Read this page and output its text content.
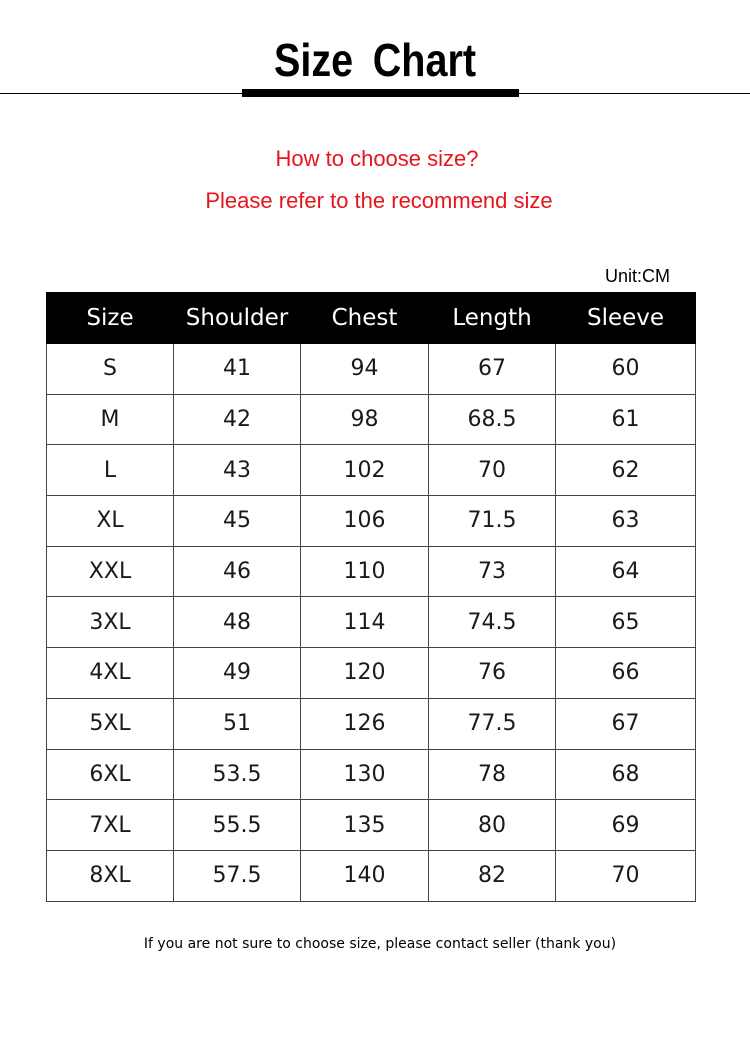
Size Chart
How to choose size?
Please refer to the recommend size
Unit:CM
Size	Shoulder	Chest	Length	Sleeve
S	41	94	67	60
M	42	98	68.5	61
L	43	102	70	62
XL	45	106	71.5	63
XXL	46	110	73	64
3XL	48	114	74.5	65
4XL	49	120	76	66
5XL	51	126	77.5	67
6XL	53.5	130	78	68
7XL	55.5	135	80	69
8XL	57.5	140	82	70
If you are not sure to choose size, please contact seller (thank you)
